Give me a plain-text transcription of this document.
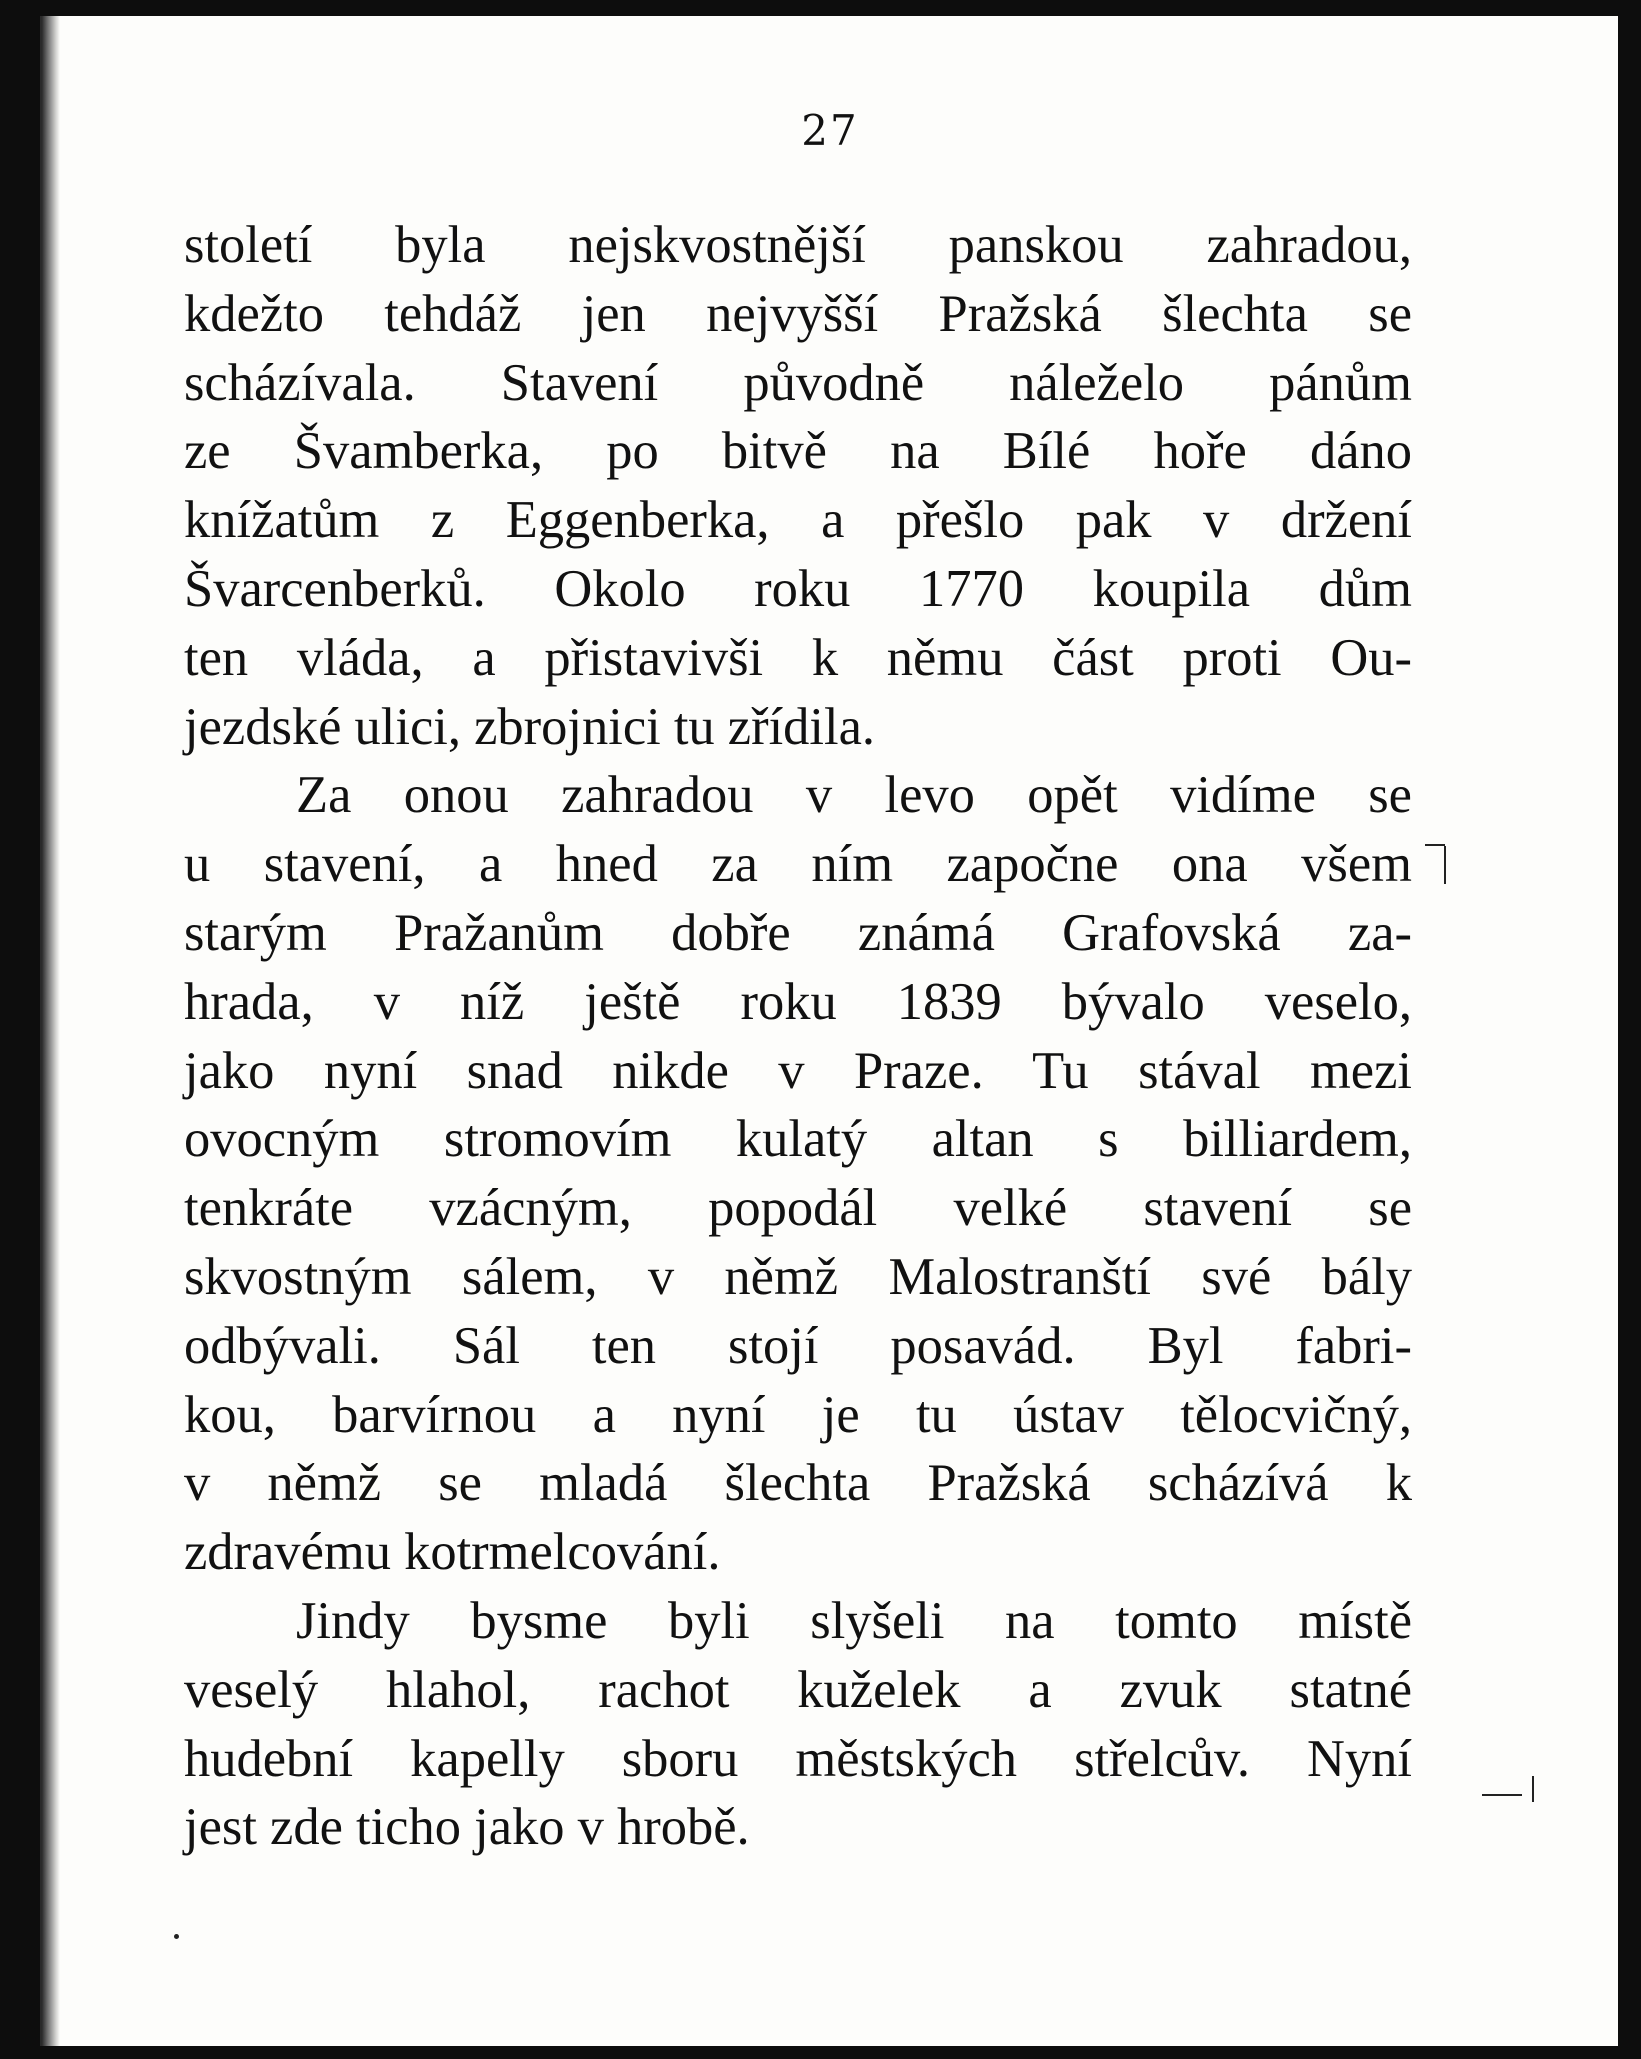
27
století byla nejskvostnější panskou zahradou,
kdežto tehdáž jen nejvyšší Pražská šlechta se
scházívala. Stavení původně náleželo pánům
ze Švamberka, po bitvě na Bílé hoře dáno
knížatům z Eggenberka, a přešlo pak v držení
Švarcenberků. Okolo roku 1770 koupila dům
ten vláda, a přistavivši k němu část proti Ou-
jezdské ulici, zbrojnici tu zřídila.
Za onou zahradou v levo opět vidíme se
u stavení, a hned za ním započne ona všem
starým Pražanům dobře známá Grafovská za-
hrada, v níž ještě roku 1839 bývalo veselo,
jako nyní snad nikde v Praze. Tu stával mezi
ovocným stromovím kulatý altan s billiardem,
tenkráte vzácným, popodál velké stavení se
skvostným sálem, v němž Malostranští své bály
odbývali. Sál ten stojí posavád. Byl fabri-
kou, barvírnou a nyní je tu ústav tělocvičný,
v němž se mladá šlechta Pražská scházívá k
zdravému kotrmelcování.
Jindy bysme byli slyšeli na tomto místě
veselý hlahol, rachot kuželek a zvuk statné
hudební kapelly sboru městských střelcův. Nyní
jest zde ticho jako v hrobě.
